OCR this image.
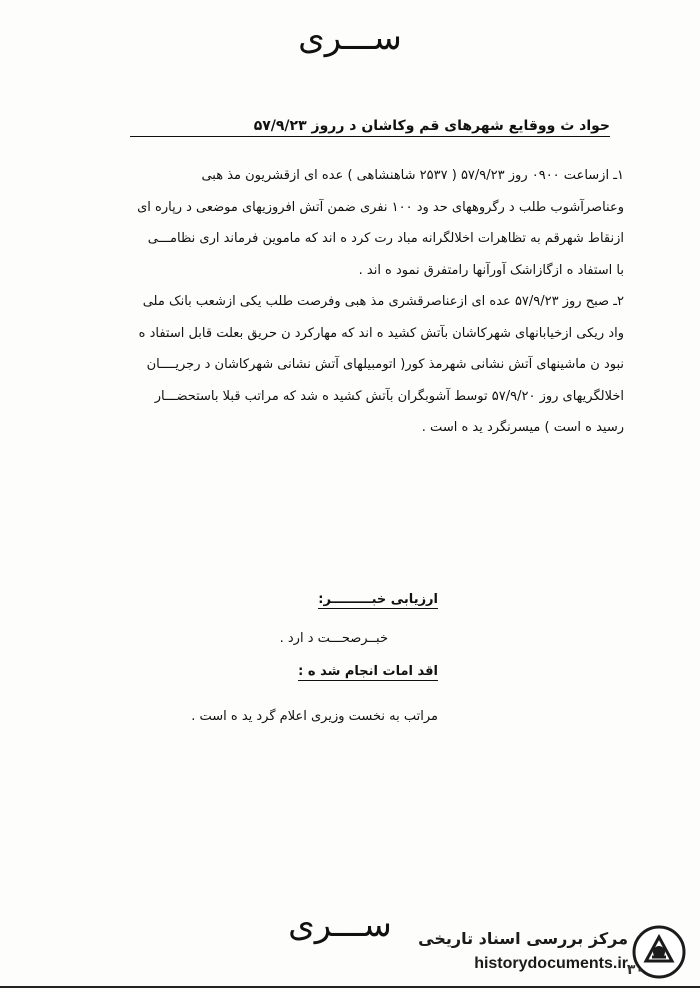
ســـری
حواد ث ووقایع شهرهای قم وکاشان د رروز ۵۷/۹/۲۳

۱ـ ازساعت ۰۹۰۰ روز ۵۷/۹/۲۳ ( ۲۵۳۷ شاهنشاهی ) عده ای ازقشریون مذ هبی
وعناصرآشوب طلب د رگروههای حد ود ۱۰۰ نفری ضمن آتش افروزیهای موضعی د رپاره ای
ازنقاط شهرقم به تظاهرات اخلالگرانه مباد رت کرد ه اند که ماموین فرماند اری نظامـــی
با استفاد ه ازگازاشک آورآنها رامتفرق نمود ه اند .

۲ـ صبح روز ۵۷/۹/۲۳ عده ای ازعناصرقشری مذ هبی وفرصت طلب یکی ازشعب بانک ملی
واد ریکی ازخیابانهای شهرکاشان بآتش کشید ه اند که مهارکرد ن حریق بعلت قابل استفاد ه
نبود ن ماشینهای آتش نشانی شهرمذ کور( اتومبیلهای آتش نشانی شهرکاشان د رجریــــان
اخلالگریهای روز ۵۷/۹/۲۰ توسط آشوبگران بآتش کشید ه شد که مراتب قبلا باستحضـــار
رسید ه است ) میسرنگرد ید ه است .

ارزیابی خبـــــــــر:
خبــرصحـــت د ارد .
اقد امات انجام شد ه :
مراتب به نخست وزیری اعلام گرد ید ه است .
ســـری	مرکز بررسی اسناد تاریخی
historydocuments.ir
۳۰
